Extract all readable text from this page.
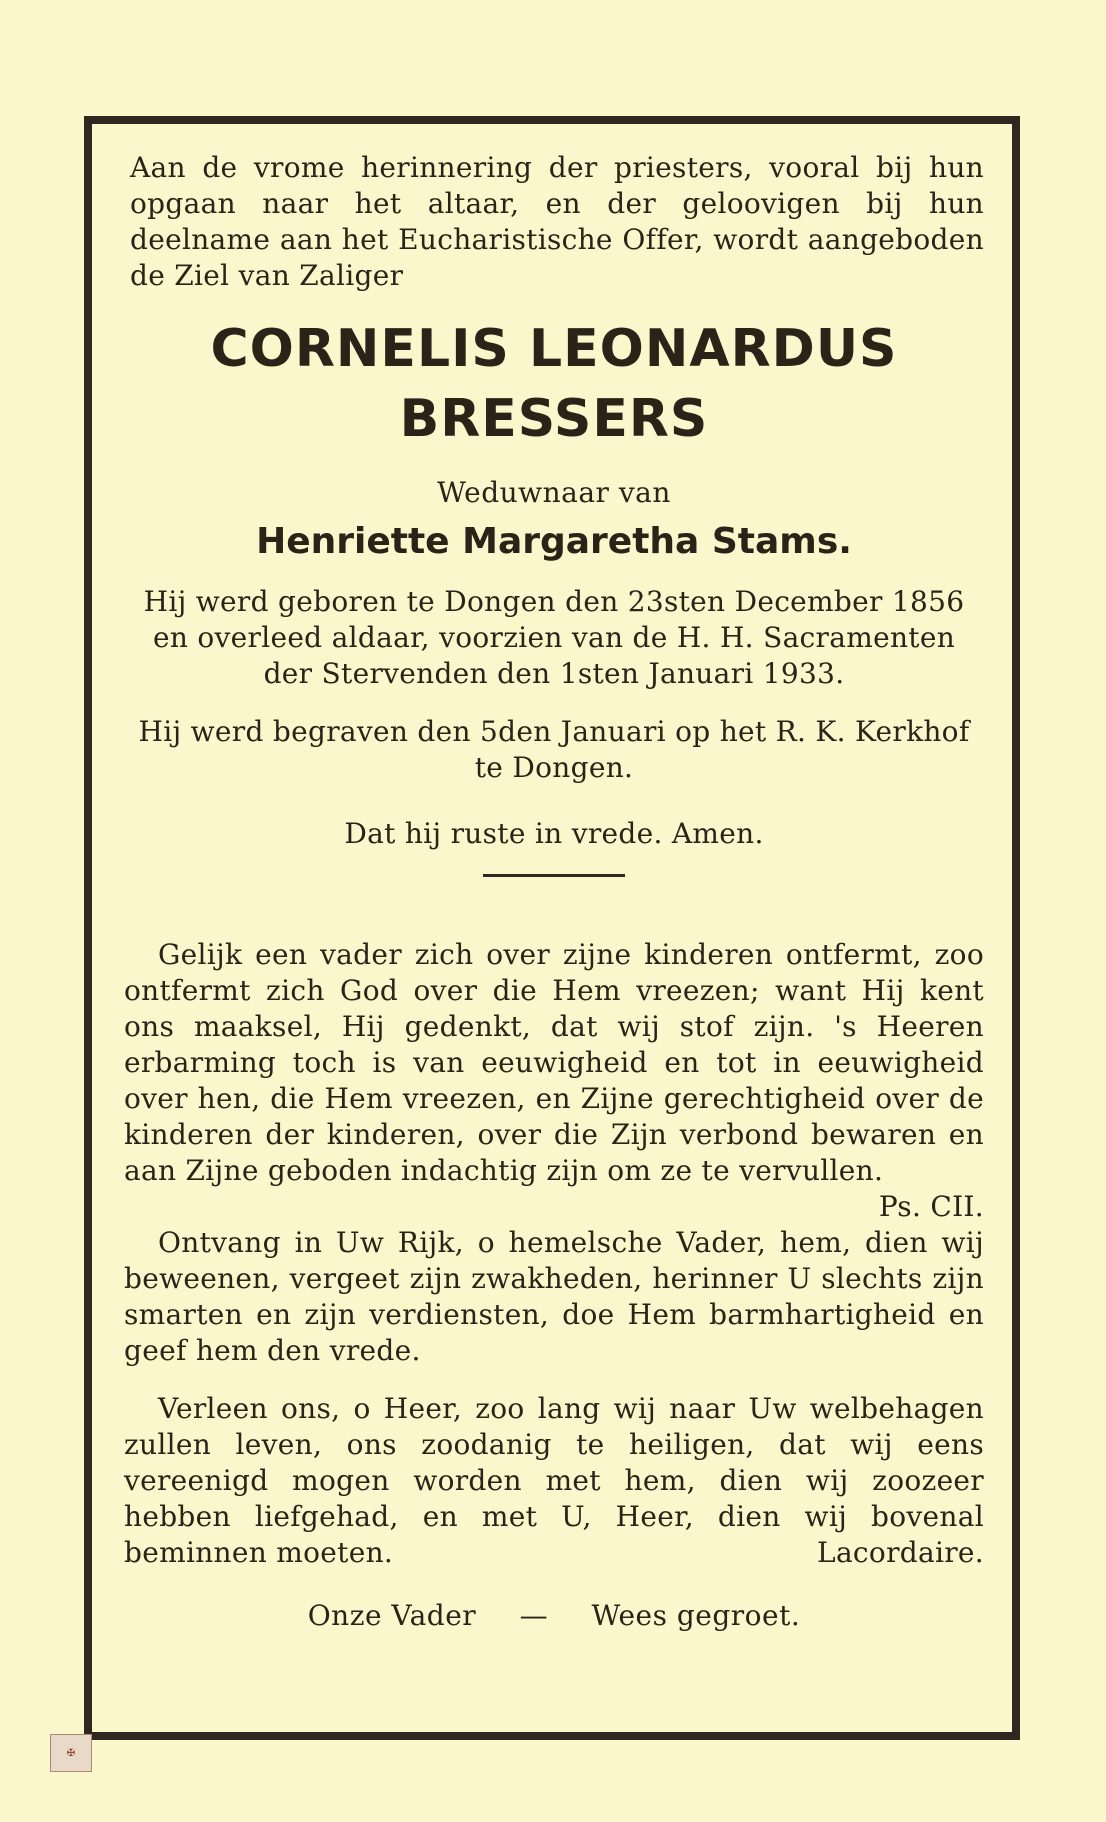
Aan de vrome herinnering der priesters, vooral bij hun opgaan naar het altaar, en der geloovigen bij hun deelname aan het Eucharistische Offer, wordt aangeboden de Ziel van Zaliger

CORNELIS LEONARDUS

BRESSERS

Weduwnaar van

Henriette Margaretha Stams.

Hij werd geboren te Dongen den 23sten December 1856 en overleed aldaar, voorzien van de H. H. Sacramenten der Stervenden den 1sten Januari 1933.

Hij werd begraven den 5den Januari op het R. K. Kerkhof te Dongen.

Dat hij ruste in vrede. Amen.

Gelijk een vader zich over zijne kinderen ontfermt, zoo ontfermt zich God over die Hem vreezen; want Hij kent ons maaksel, Hij gedenkt, dat wij stof zijn. 's Heeren erbarming toch is van eeuwigheid en tot in eeuwigheid over hen, die Hem vreezen, en Zijne gerechtigheid over de kinderen der kinderen, over die Zijn verbond bewaren en aan Zijne geboden indachtig zijn om ze te vervullen.
Ps. CII.

Ontvang in Uw Rijk, o hemelsche Vader, hem, dien wij beweenen, vergeet zijn zwakheden, herinner U slechts zijn smarten en zijn verdiensten, doe Hem barmhartigheid en geef hem den vrede.

Verleen ons, o Heer, zoo lang wij naar Uw welbehagen zullen leven, ons zoodanig te heiligen, dat wij eens vereenigd mogen worden met hem, dien wij zoozeer hebben liefgehad, en met U, Heer, dien wij bovenal beminnen moeten.	Lacordaire.

Onze Vader — Wees gegroet.

✠
